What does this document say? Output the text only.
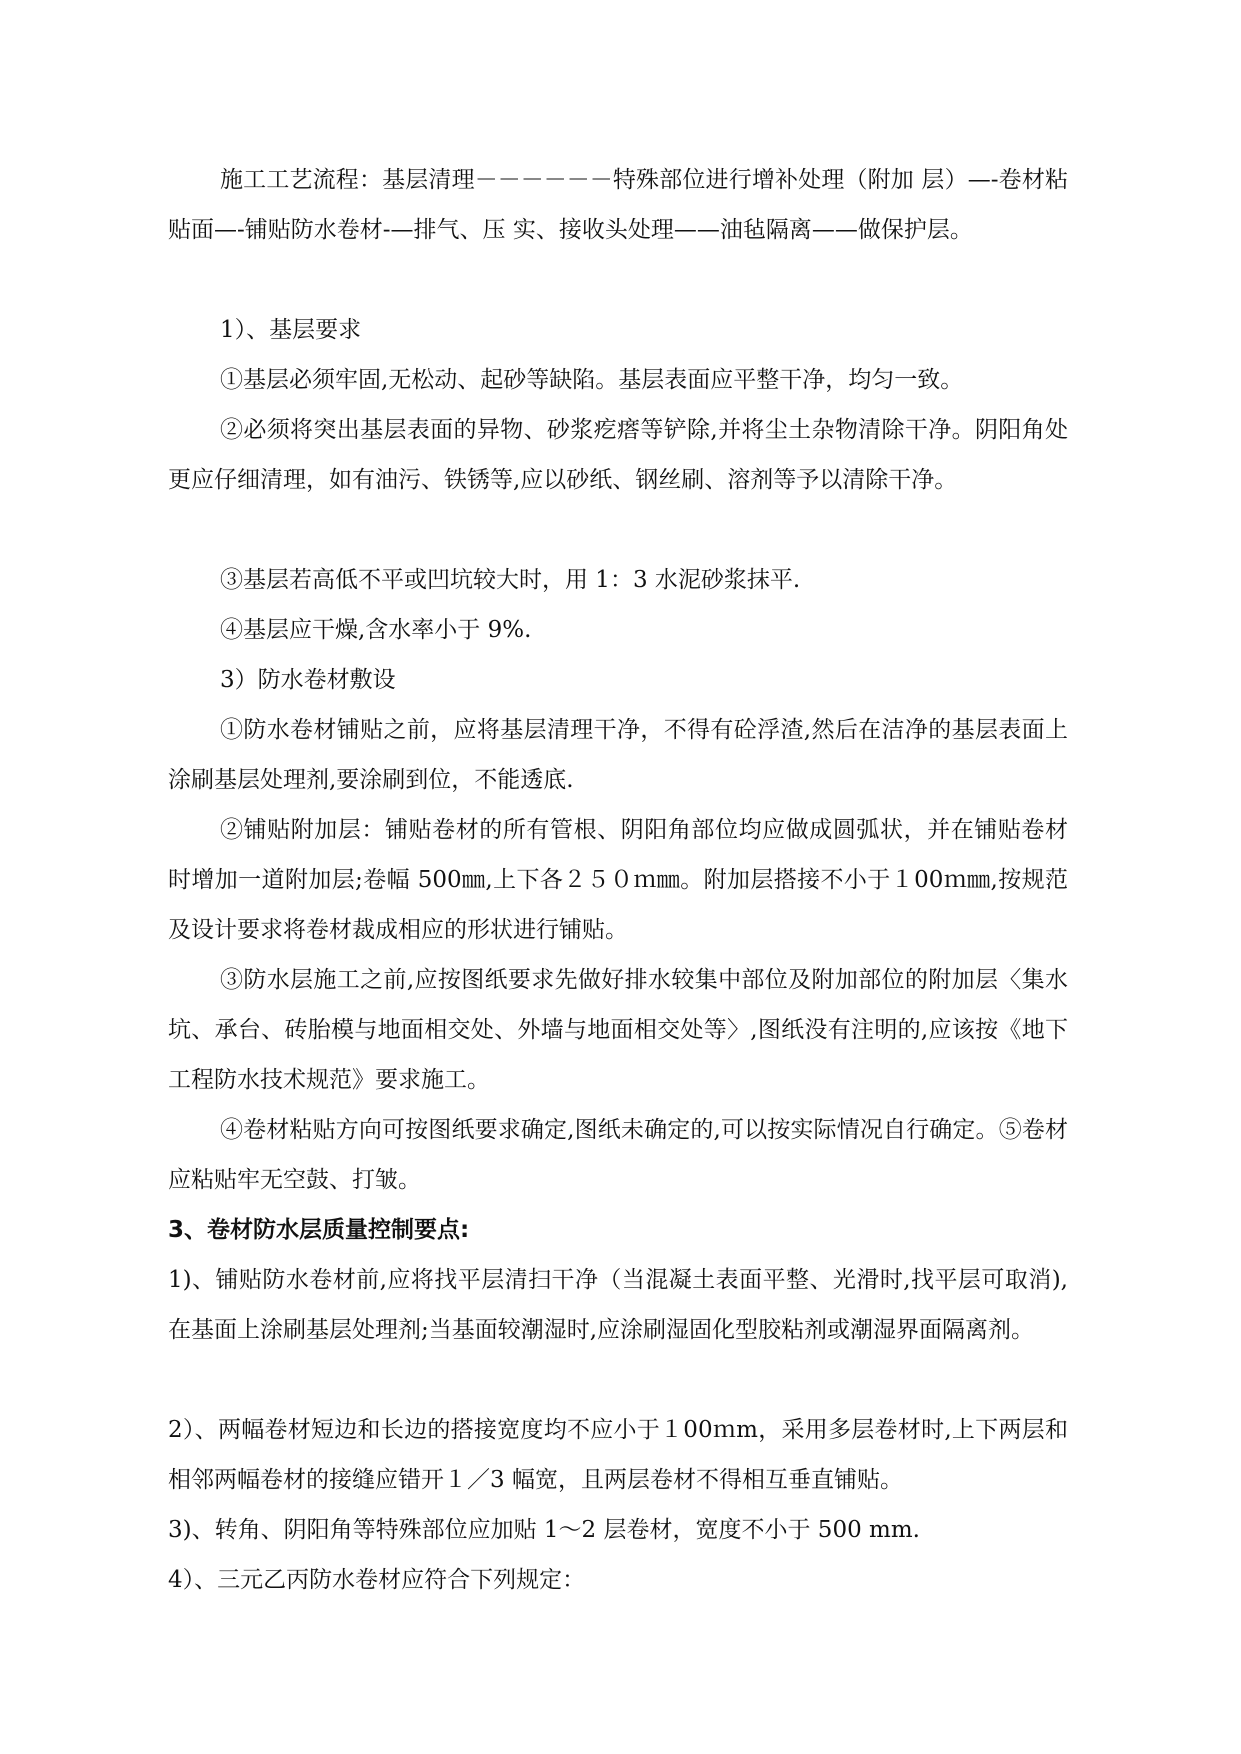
施工工艺流程：基层清理－－－－－－特殊部位进行增补处理（附加 层）—-卷材粘贴面—-铺贴防水卷材-—排气、压 实、接收头处理——油毡隔离——做保护层。

1）、基层要求

①基层必须牢固,无松动、起砂等缺陷。基层表面应平整干净，均匀一致。

②必须将突出基层表面的异物、砂浆疙瘩等铲除,并将尘土杂物清除干净。阴阳角处更应仔细清理，如有油污、铁锈等,应以砂纸、钢丝刷、溶剂等予以清除干净。

③基层若高低不平或凹坑较大时，用 1：3 水泥砂浆抹平.

④基层应干燥,含水率小于 9%.

3）防水卷材敷设

①防水卷材铺贴之前，应将基层清理干净，不得有砼浮渣,然后在洁净的基层表面上涂刷基层处理剂,要涂刷到位，不能透底.

②铺贴附加层：铺贴卷材的所有管根、阴阳角部位均应做成圆弧状，并在铺贴卷材时增加一道附加层;卷幅 500㎜,上下各２５０ｍ㎜。附加层搭接不小于１00ｍ㎜,按规范及设计要求将卷材裁成相应的形状进行铺贴。

③防水层施工之前,应按图纸要求先做好排水较集中部位及附加部位的附加层〈集水坑、承台、砖胎模与地面相交处、外墙与地面相交处等〉,图纸没有注明的,应该按《地下工程防水技术规范》要求施工。

④卷材粘贴方向可按图纸要求确定,图纸未确定的,可以按实际情况自行确定。⑤卷材应粘贴牢无空鼓、打皱。

3、卷材防水层质量控制要点:

1)、铺贴防水卷材前,应将找平层清扫干净（当混凝土表面平整、光滑时,找平层可取消),在基面上涂刷基层处理剂;当基面较潮湿时,应涂刷湿固化型胶粘剂或潮湿界面隔离剂。

2）、两幅卷材短边和长边的搭接宽度均不应小于１00ｍm，采用多层卷材时,上下两层和相邻两幅卷材的接缝应错开１／3 幅宽，且两层卷材不得相互垂直铺贴。

3)、转角、阴阳角等特殊部位应加贴 1～2 层卷材，宽度不小于 500 mm.

4）、三元乙丙防水卷材应符合下列规定：
